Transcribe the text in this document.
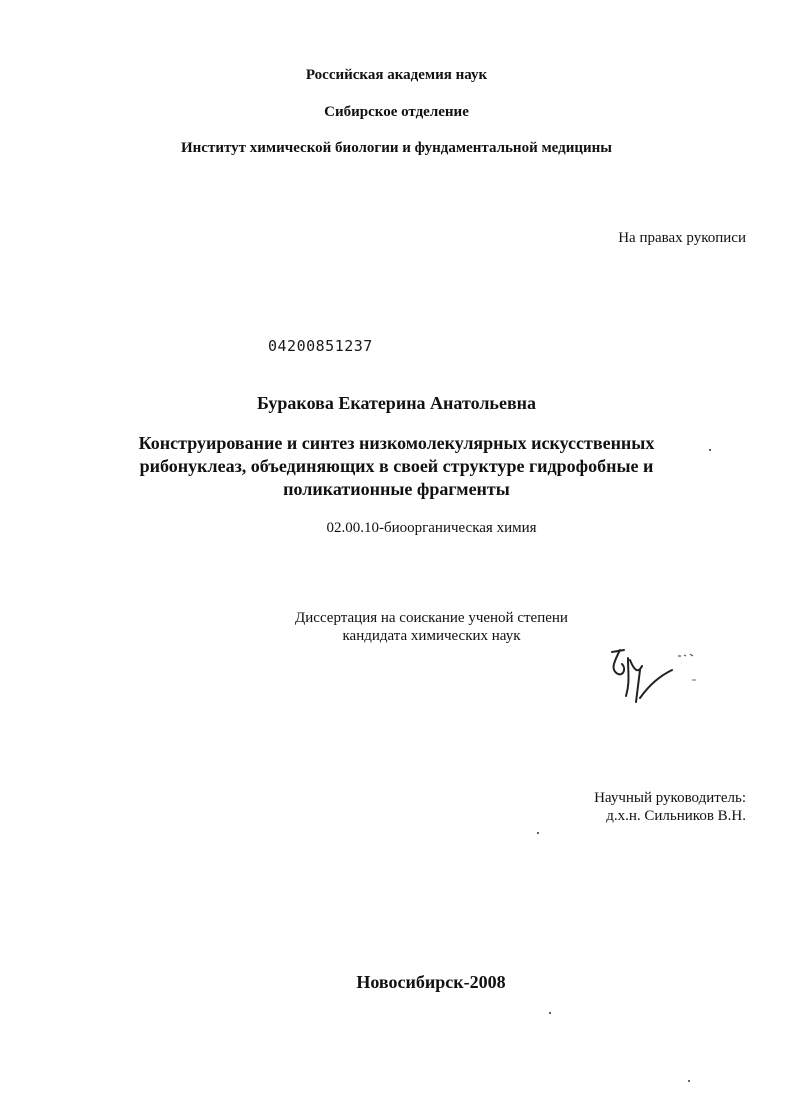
Российская академия наук
Сибирское отделение
Институт химической биологии и фундаментальной медицины
На правах рукописи
04200851237
Буракова Екатерина Анатольевна
Конструирование и синтез низкомолекулярных искусственных
рибонуклеаз, объединяющих в своей структуре гидрофобные и
поликатионные фрагменты
02.00.10-биоорганическая химия
Диссертация на соискание ученой степени
кандидата химических наук
Научный руководитель:
д.х.н. Сильников В.Н.
Новосибирск-2008
